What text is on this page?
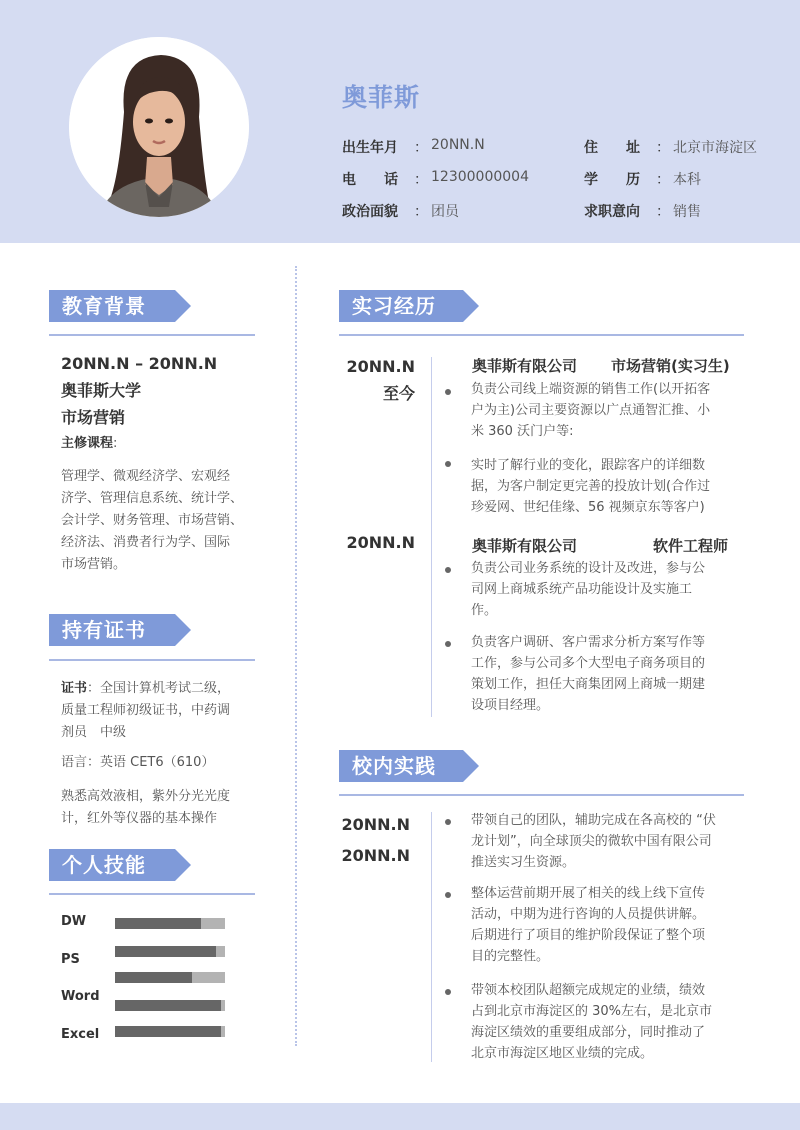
奥菲斯
出生年月	： 20NN.N	住　　址	： 北京市海淀区
电　　话	： 12300000004	学　　历	： 本科
政治面貌	： 团员	求职意向	： 销售
教育背景
20NN.N – 20NN.N
奥菲斯大学
市场营销
主修课程:
管理学、微观经济学、宏观经
济学、管理信息系统、统计学、
会计学、财务管理、市场营销、
经济法、消费者行为学、国际
市场营销。
持有证书
证书：全国计算机考试二级，
质量工程师初级证书，中药调
剂员　中级
语言：英语 CET6（610）
熟悉高效液相，紫外分光光度
计，红外等仪器的基本操作
个人技能
DW
PS
Word
Excel
实习经历
20NN.N
至今
奥菲斯有限公司 市场营销(实习生)
负责公司线上端资源的销售工作(以开拓客
户为主)公司主要资源以广点通智汇推、小
米 360 沃门户等:
实时了解行业的变化，跟踪客户的详细数
据，为客户制定更完善的投放计划(合作过
珍爱网、世纪佳缘、56 视频京东等客户)
20NN.N	奥菲斯有限公司	软件工程师
负责公司业务系统的设计及改进，参与公
司网上商城系统产品功能设计及实施工
作。
负责客户调研、客户需求分析方案写作等
工作，参与公司多个大型电子商务项目的
策划工作，担任大商集团网上商城一期建
设项目经理。
校内实践
20NN.N
20NN.N
带领自己的团队，辅助完成在各高校的 “伏
龙计划”，向全球顶尖的微软中国有限公司
推送实习生资源。
整体运营前期开展了相关的线上线下宣传
活动，中期为进行咨询的人员提供讲解。
后期进行了项目的维护阶段保证了整个项
目的完整性。
带领本校团队超额完成规定的业绩，绩效
占到北京市海淀区的 30%左右，是北京市
海淀区绩效的重要组成部分，同时推动了
北京市海淀区地区业绩的完成。
